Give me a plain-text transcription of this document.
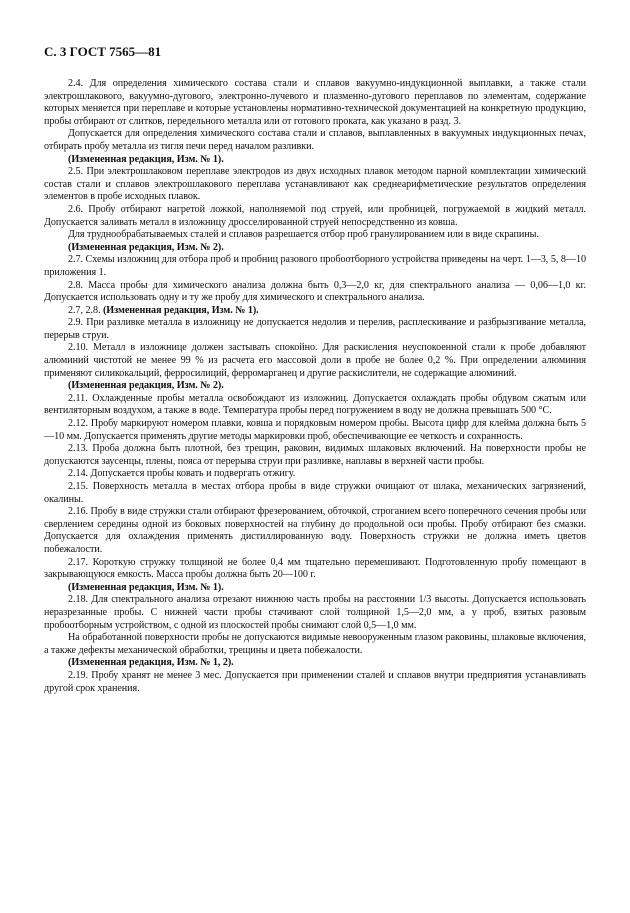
С. 3 ГОСТ 7565—81

2.4. Для определения химического состава стали и сплавов вакуумно-индукционной выплавки, а также стали электрошлакового, вакуумно-дугового, электронно-лучевого и плазменно-дугового переплавов по элементам, содержание которых меняется при переплаве и которые установлены нормативно-технической документацией на конкретную продукцию, пробы отбирают от слитков, передельного металла или от готового проката, как указано в разд. 3.

Допускается для определения химического состава стали и сплавов, выплавленных в вакуумных индукционных печах, отбирать пробу металла из тигля печи перед началом разливки.

(Измененная редакция, Изм. № 1).

2.5. При электрошлаковом переплаве электродов из двух исходных плавок методом парной комплектации химический состав стали и сплавов электрошлакового переплава устанавливают как среднеарифметические результатов определения элементов в пробе исходных плавок.

2.6. Пробу отбирают нагретой ложкой, наполняемой под струей, или пробницей, погружаемой в жидкий металл. Допускается заливать металл в изложницу дросселированной струей непосредственно из ковша.

Для труднообрабатываемых сталей и сплавов разрешается отбор проб гранулированием или в виде скрапины.

(Измененная редакция, Изм. № 2).

2.7. Схемы изложниц для отбора проб и пробниц разового пробоотборного устройства приведены на черт. 1—3, 5, 8—10 приложения 1.

2.8. Масса пробы для химического анализа должна быть 0,3—2,0 кг, для спектрального анализа — 0,06—1,0 кг. Допускается использовать одну и ту же пробу для химического и спектрального анализа.

2.7, 2.8. (Измененная редакция, Изм. № 1).

2.9. При разливке металла в изложницу не допускается недолив и перелив, расплескивание и разбрызгивание металла, перерыв струи.

2.10. Металл в изложнице должен застывать спокойно. Для раскисления неуспокоенной стали к пробе добавляют алюминий чистотой не менее 99 % из расчета его массовой доли в пробе не более 0,2 %. При определении алюминия применяют силикокальций, ферросилиций, ферромарганец и другие раскислители, не содержащие алюминий.

(Измененная редакция, Изм. № 2).

2.11. Охлажденные пробы металла освобождают из изложниц. Допускается охлаждать пробы обдувом сжатым или вентиляторным воздухом, а также в воде. Температура пробы перед погружением в воду не должна превышать 500 °С.

2.12. Пробу маркируют номером плавки, ковша и порядковым номером пробы. Высота цифр для клейма должна быть 5—10 мм. Допускается применять другие методы маркировки проб, обеспечивающие ее четкость и сохранность.

2.13. Проба должна быть плотной, без трещин, раковин, видимых шлаковых включений. На поверхности пробы не допускаются заусенцы, плены, пояса от перерыва струи при разливке, наплавы в верхней части пробы.

2.14. Допускается пробы ковать и подвергать отжигу.

2.15. Поверхность металла в местах отбора пробы в виде стружки очищают от шлака, механических загрязнений, окалины.

2.16. Пробу в виде стружки стали отбирают фрезерованием, обточкой, строганием всего поперечного сечения пробы или сверлением середины одной из боковых поверхностей на глубину до продольной оси пробы. Пробу отбирают без смазки. Допускается для охлаждения применять дистиллированную воду. Поверхность стружки не должна иметь цветов побежалости.

2.17. Короткую стружку толщиной не более 0,4 мм тщательно перемешивают. Подготовленную пробу помещают в закрывающуюся емкость. Масса пробы должна быть 20—100 г.

(Измененная редакция, Изм. № 1).

2.18. Для спектрального анализа отрезают нижнюю часть пробы на расстоянии 1/3 высоты. Допускается использовать неразрезанные пробы. С нижней части пробы стачивают слой толщиной 1,5—2,0 мм, а у проб, взятых разовым пробоотборным устройством, с одной из плоскостей пробы снимают слой 0,5—1,0 мм.

На обработанной поверхности пробы не допускаются видимые невооруженным глазом раковины, шлаковые включения, а также дефекты механической обработки, трещины и цвета побежалости.

(Измененная редакция, Изм. № 1, 2).

2.19. Пробу хранят не менее 3 мес. Допускается при применении сталей и сплавов внутри предприятия устанавливать другой срок хранения.
